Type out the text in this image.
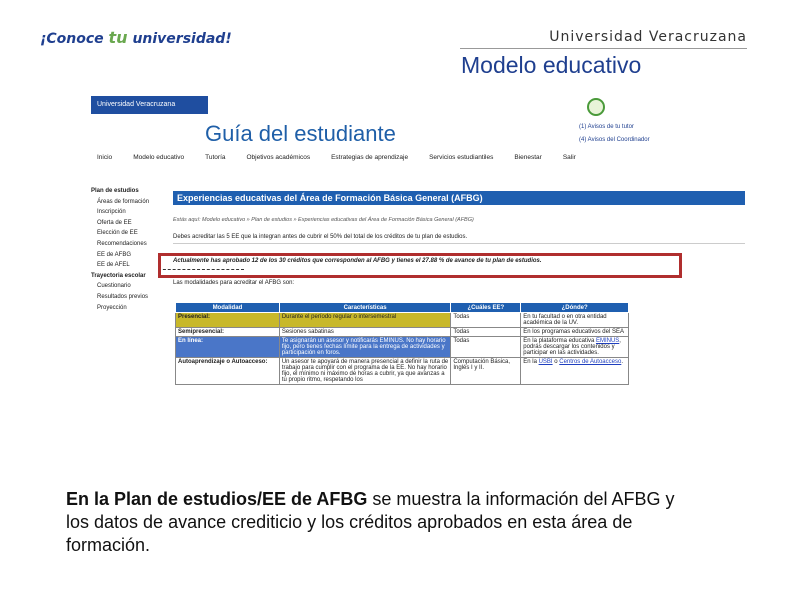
¡Conoce tu universidad!	Universidad Veracruzana
Modelo educativo
Universidad Veracruzana
Guía del estudiante	(1) Avisos de tu tutor
(4) Avisos del Coordinador
Inicio	Modelo educativo	Tutoría	Objetivos académicos	Estrategias de aprendizaje	Servicios estudiantiles	Bienestar	Salir
Plan de estudios
Áreas de formación
Inscripción
Oferta de EE
Elección de EE
Recomendaciones
EE de AFBG
EE de AFEL
Trayectoria escolar
Cuestionario
Resultados previos
Proyección
Experiencias educativas del Área de Formación Básica General (AFBG)
Estás aquí: Modelo educativo » Plan de estudios » Experiencias educativas del Área de Formación Básica General (AFBG)
Debes acreditar las 5 EE que la integran antes de cubrir el 50% del total de los créditos de tu plan de estudios.
Actualmente has aprobado 12 de los 30 créditos que corresponden al AFBG y tienes el 27.88 % de avance de tu plan de estudios.
Las modalidades para acreditar el AFBG son:
Modalidad	Características	¿Cuáles EE?	¿Dónde?
Presencial:	Durante el período regular o intersemestral	Todas	En tu facultad o en otra entidad académica de la UV.
Semipresencial:	Sesiones sabatinas	Todas	En los programas educativos del SEA
En línea:	Te asignarán un asesor y notificarás EMINUS. No hay horario fijo, pero tienes fechas límite para la entrega de actividades y participación en foros.	Todas	En la plataforma educativa EMINUS, podrás descargar los contenidos y participar en las actividades.
Autoaprendizaje o Autoacceso:	Un asesor te apoyará de manera presencial a definir la ruta de trabajo para cumplir con el programa de la EE. No hay horario fijo, el mínimo ni máximo de horas a cubrir, ya que avanzas a tu propio ritmo, respetando los	Computación Básica, Inglés I y II.	En la USBI o Centros de Autoacceso.
En la Plan de estudios/EE de AFBG se muestra la información del AFBG y los datos de avance crediticio y los créditos aprobados en esta área de formación.
